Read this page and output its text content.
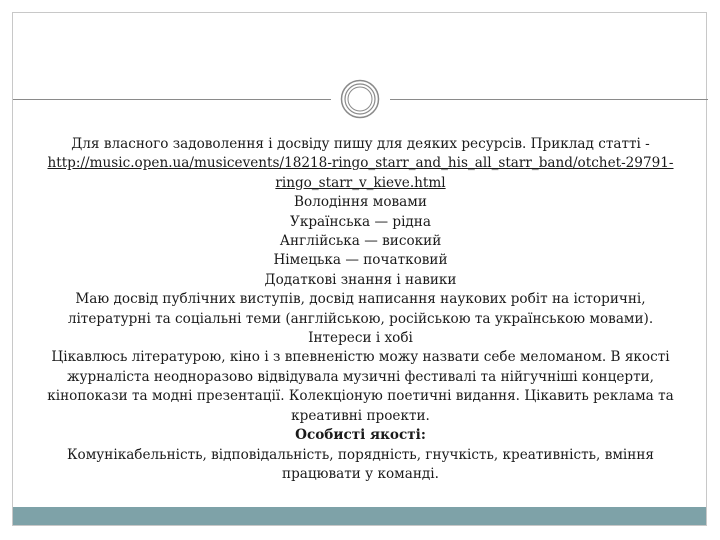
Для власного задоволення і досвіду пишу для деяких ресурсів. Приклад статті - http://music.open.ua/musicevents/18218-ringo_starr_and_his_all_starr_band/otchet-29791-ringo_starr_v_kieve.html

Володіння мовами

Українська — рідна

Англійська — високий

Німецька — початковий

Додаткові знання і навики

Маю досвід публічних виступів, досвід написання наукових робіт на історичні, літературні та соціальні теми (англійською, російською та українською мовами).

Інтереси і хобі

Цікавлюсь літературою, кіно і з впевненістю можу назвати себе меломаном. В якості журналіста неодноразово відвідувала музичні фестивалі та нійгучніші концерти, кінопокази та модні презентації. Колекціоную поетичні видання. Цікавить реклама та креативні проекти.

Особисті якості:

Комунікабельність, відповідальність, порядність, гнучкість, креативність, вміння працювати у команді.
